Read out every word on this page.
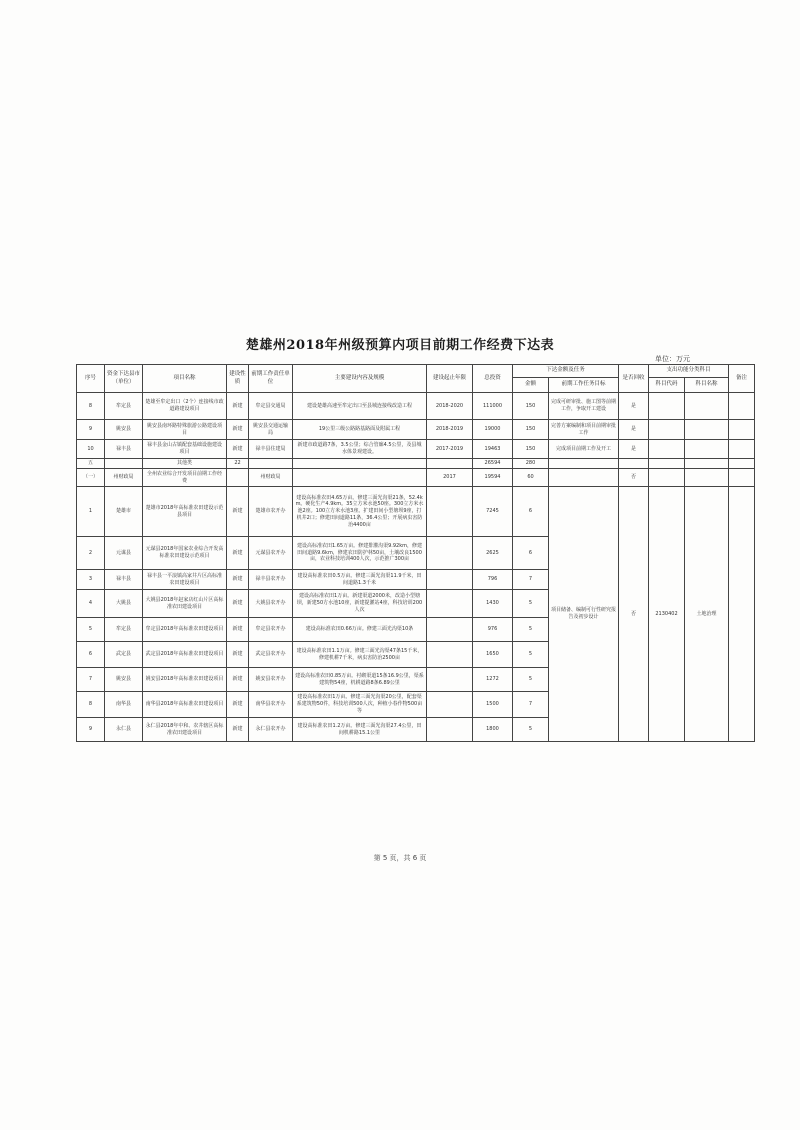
楚雄州2018年州级预算内项目前期工作经费下达表
单位：万元
序号	资金下达县市（单位）	项目名称	建设性质	前期工作责任单位	主要建设内容及规模	建设起止年限	总投资	下达金额及任务		是否回收	支出功能分类科目		备注
								金额	前期工作任务目标		科目代码	科目名称	
8	牟定县	楚雄至牟定出口（2个）连接线市政道路建设项目	新建	牟定县交通局	建设楚雄高速至牟定出口至县城连接线改造工程	2018-2020	111000	150	完成可研审批、施工图等前期工作，争取开工建设	是			
9	姚安县	姚安县南环路特殊旅游公路建设项目	新建	姚安县交通运输局	19公里三级公路路基路面及附属工程	2018-2019	19000	150	完善方案编制和项目前期审批工作	是			
10	禄丰县	禄丰县金山古镇配套基础设施建设项目	新建	禄丰县住建局	新建市政道路7条，3.5公里；综合管廊4.5公里，及县城水体景观建设。	2017-2019	19463	150	完成项目前期工作及开工	是			
五		其他类	22				26594	280					
（一）	州财政局	全州农业综合开发项目前期工作经费		州财政局		2017	19594	60		否			
1	楚雄市	楚雄市2018年高标准农田建设示范县项目	新建	楚雄市农开办	建设高标准农田4.65万亩。修建三面光沟渠21条，52.4km。硬化生产4.9km。35立方米水池50座。300立方米水池2座。100立方米水池3座。扩建田间小型塘坝9座，打机井2口；修建田间道路11条，36.4公里；开展病虫害防治4400亩		7245	6	项目储备、编制可行性研究报告及初步设计	否	2130402	土地治理	
2	元谋县	元谋县2018年国家农业综合开发高标准农田建设示范项目	新建	元谋县农开办	建设高标准农田1.65万亩。修建排灌沟渠9.92km，修建田间道路9.6km，修建农田防护林50亩，土壤改良1500亩，农业科技培训400人次，示范推广300亩		2625	6					
3	禄丰县	禄丰县一平浪镇高家井片区高标准农田建设项目	新建	禄丰县农开办	建设高标准农田0.5万亩。修建三面光沟渠11.9千米，田间道路1.3千米		796	7					
4	大姚县	大姚县2018年赵家店红山片区高标准农田建设项目	新建	大姚县农开办	建设高标准农田1万亩。新建渠道2000米，改造小型塘坝，新建50方水池10座，新建提灌站4座，科技培训200人次		1430	5					
5	牟定县	牟定县2018年高标准农田建设项目	新建	牟定县农开办	建设高标准农田0.66万亩。修建三面光沟渠10条		976	5					
6	武定县	武定县2018年高标准农田建设项目	新建	武定县农开办	建设高标准农田1.1万亩。修建三面光沟渠47条15千米，修建机耕7千米，病虫害防治2500亩		1650	5					
7	姚安县	姚安县2018年高标准农田建设项目	新建	姚安县农开办	建设高标准农田0.85万亩。衬砌渠道15条16.9公里，渠系建筑物54座，机耕道路8条6.89公里		1272	5					
8	南华县	南华县2018年高标准农田建设项目	新建	南华县农开办	建设高标准农田1万亩。修建三面光沟渠20公里，配套渠系建筑物50件，科技培训500人次，种植小春作物500亩等		1500	7					
9	永仁县	永仁县2018年中和、农井辖区高标准农田建设项目	新建	永仁县农开办	建设高标准农田1.2万亩。修建三面光沟渠27.4公里，田间机耕路15.1公里		1800	5					
第 5 页，共 6 页
